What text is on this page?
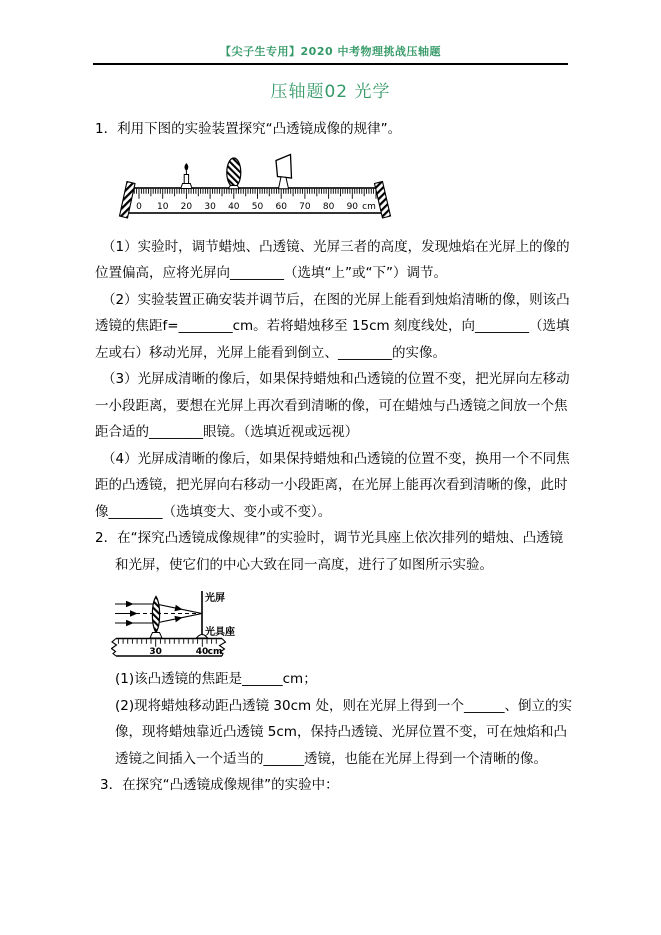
【尖子生专用】2020 中考物理挑战压轴题
压轴题02 光学

1．利用下图的实验装置探究“凸透镜成像的规律”。

0 10 20 30 40 50 60 70 80 90 cm

（1）实验时，调节蜡烛、凸透镜、光屏三者的高度，发现烛焰在光屏上的像的位置偏高，应将光屏向________（选填“上”或“下”）调节。

（2）实验装置正确安装并调节后，在图的光屏上能看到烛焰清晰的像，则该凸透镜的焦距f=________cm。若将蜡烛移至 15cm 刻度线处，向________（选填左或右）移动光屏，光屏上能看到倒立、________的实像。

（3）光屏成清晰的像后，如果保持蜡烛和凸透镜的位置不变，把光屏向左移动一小段距离，要想在光屏上再次看到清晰的像，可在蜡烛与凸透镜之间放一个焦距合适的________眼镜。（选填近视或远视）

（4）光屏成清晰的像后，如果保持蜡烛和凸透镜的位置不变，换用一个不同焦距的凸透镜，把光屏向右移动一小段距离，在光屏上能再次看到清晰的像，此时像________（选填变大、变小或不变）。

2．在“探究凸透镜成像规律”的实验时，调节光具座上依次排列的蜡烛、凸透镜和光屏，使它们的中心大致在同一高度，进行了如图所示实验。

30	40 cm
光屏
光具座

(1)该凸透镜的焦距是______cm；

(2)现将蜡烛移动距凸透镜 30cm 处，则在光屏上得到一个______、倒立的实像，现将蜡烛靠近凸透镜 5cm，保持凸透镜、光屏位置不变，可在烛焰和凸透镜之间插入一个适当的______透镜，也能在光屏上得到一个清晰的像。

3．在探究“凸透镜成像规律”的实验中：
